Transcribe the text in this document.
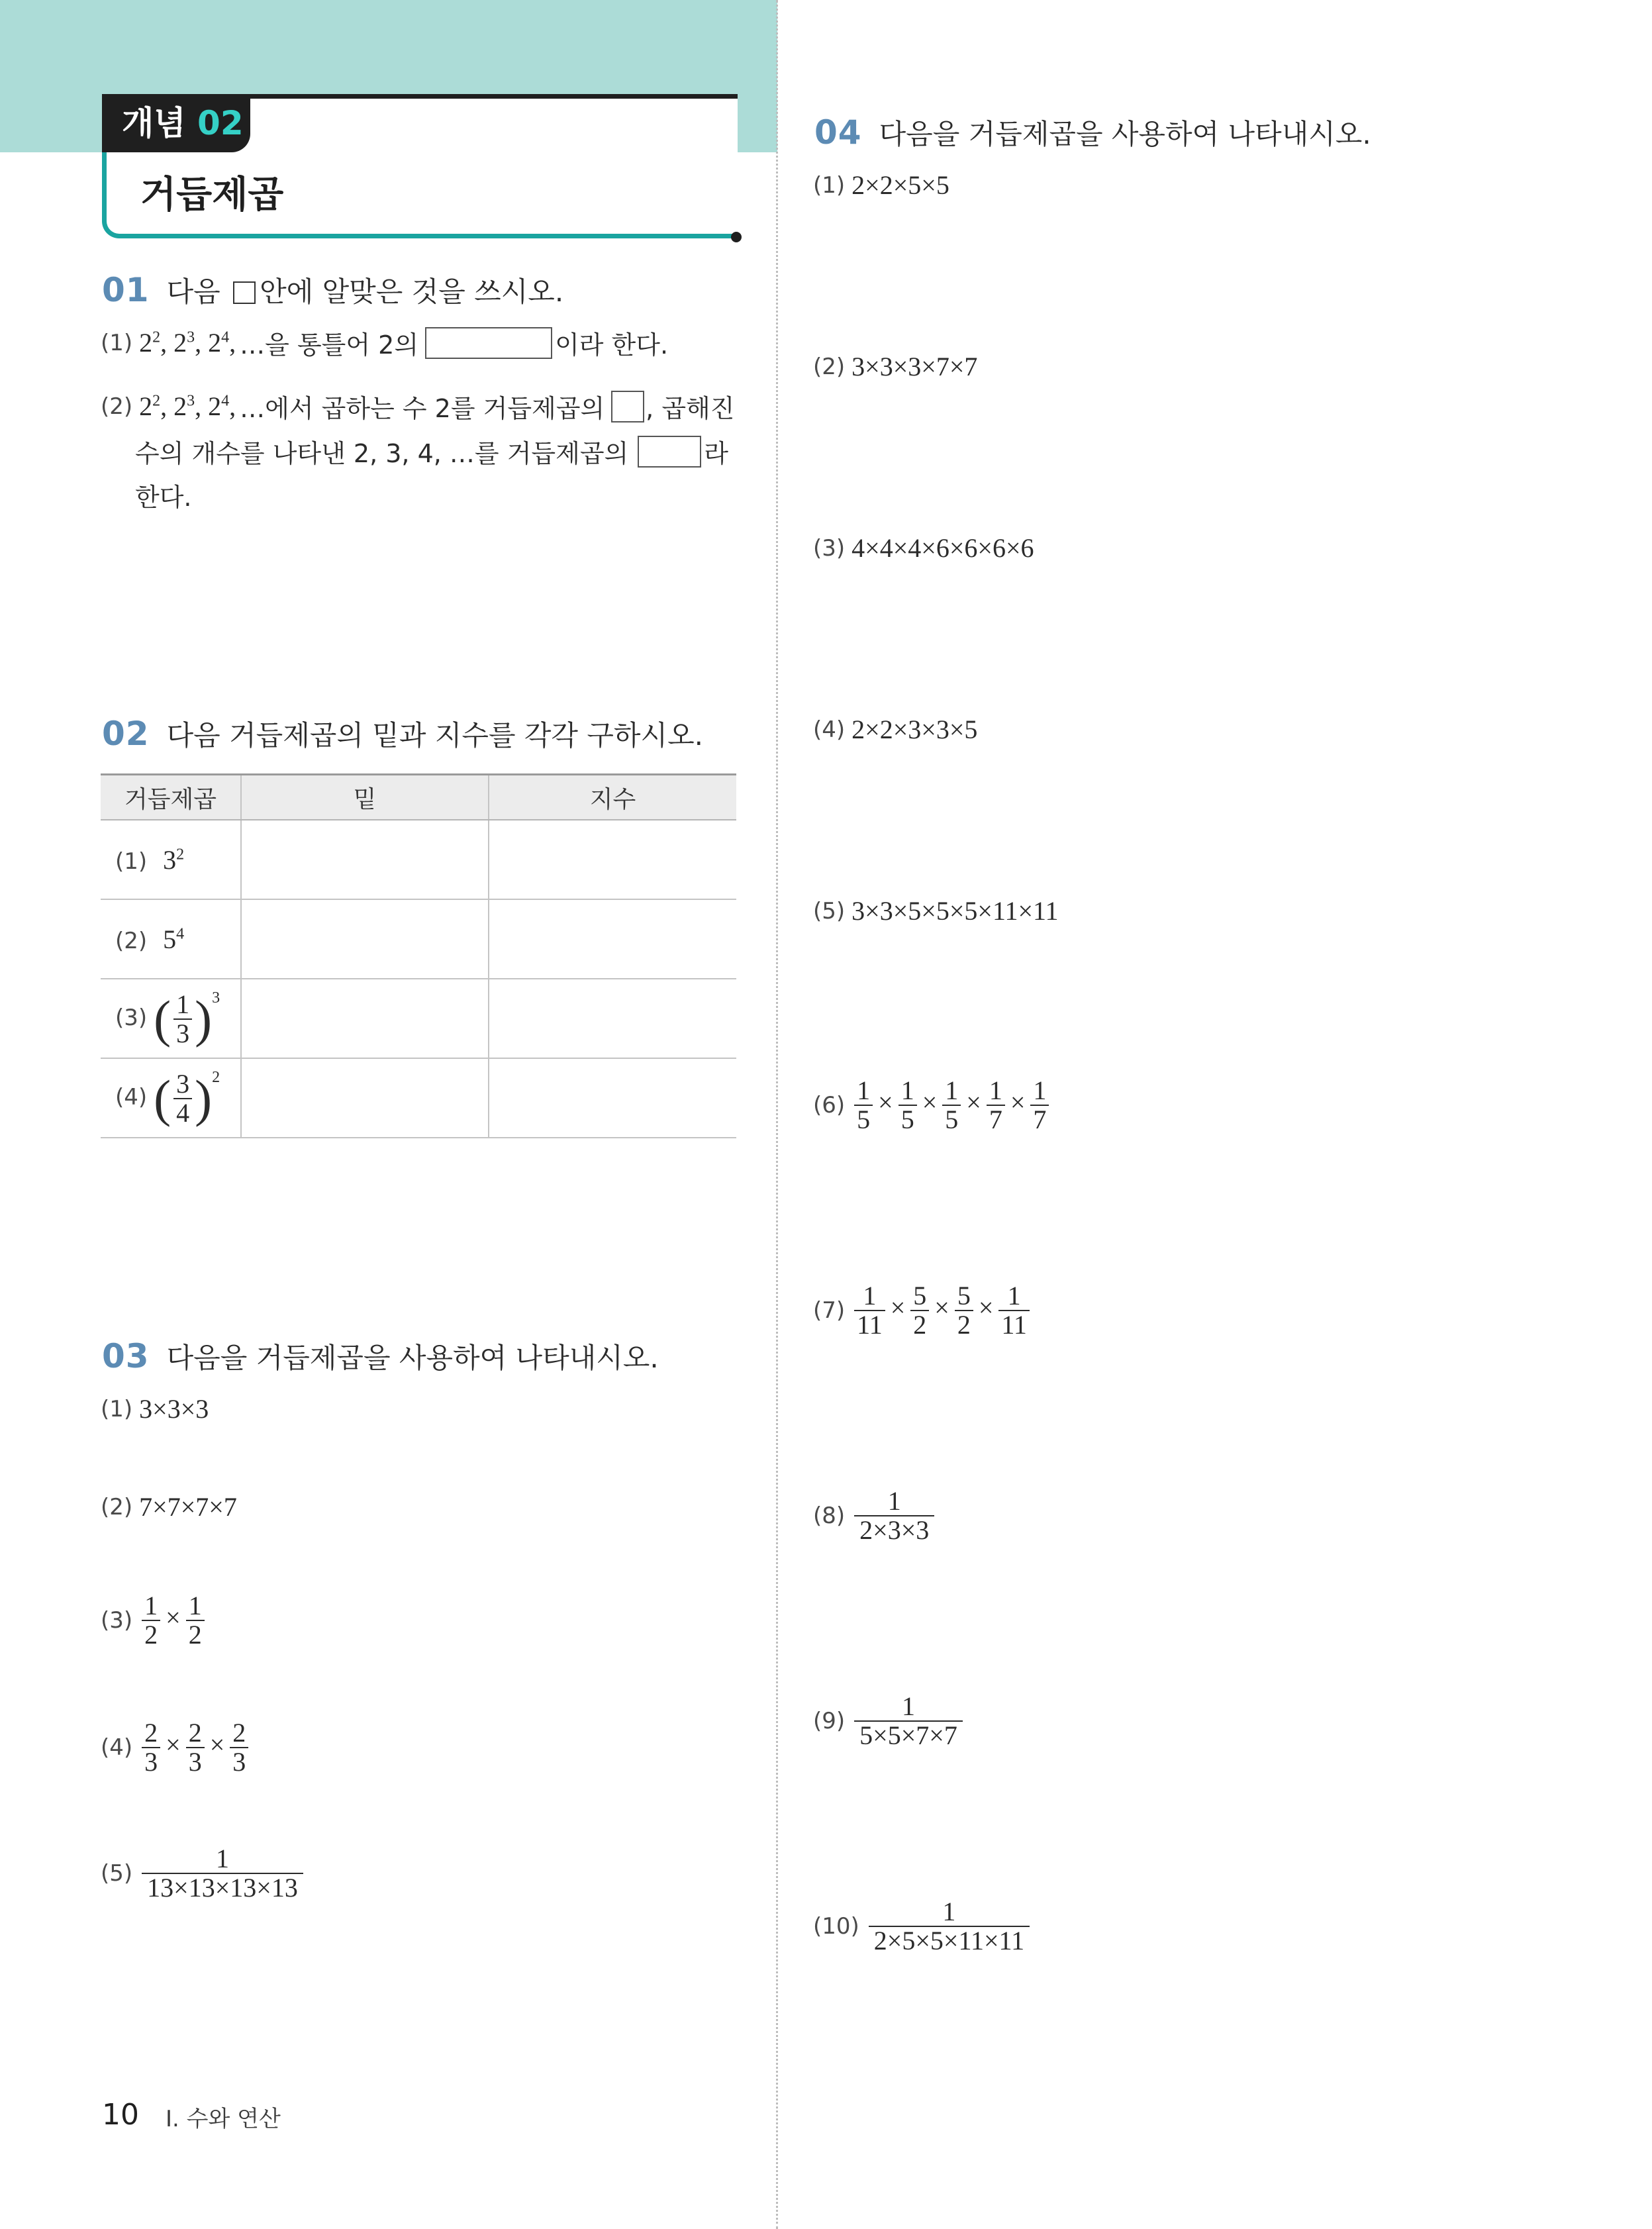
개념 02
거듭제곱
01 다음 안에 알맞은 것을 쓰시오.
(1) $2^2$, $2^3$, $2^4$, …을 통틀어 2의	이라 한다.
(2) $2^2$, $2^3$, $2^4$, …에서 곱하는 수 2를 거듭제곱의 , 곱해진
수의 개수를 나타낸 2, 3, 4, …를 거듭제곱의	라
한다.
02 다음 거듭제곱의 밑과 지수를 각각 구하시오.
거듭제곱	밑	지수
(1) $3^2$		
(2) $5^4$		
(3) ( $\frac{1}{3} )^3$		
(4) ( $\frac{3}{4} )^2$		
03 다음을 거듭제곱을 사용하여 나타내시오.
(1) 3×3×3
(2) 7×7×7×7
$(3) \frac{1}{2} \times \frac{1}{2}$
$(4) \frac{2}{3} \times \frac{2}{3} \times \frac{2}{3}$
$(5) \frac{1}{13\times 13\times 13\times 13}$
04 다음을 거듭제곱을 사용하여 나타내시오.
(1) 2×2×5×5
(2) 3×3×3×7×7
(3) 4×4×4×6×6×6×6
(4) 2×2×3×3×5
(5) 3×3×5×5×5×11×11
$(6) \frac{1}{5} \times \frac{1}{5} \times \frac{1}{5} \times \frac{1}{7} \times \frac{1}{7}$
$(7) \frac{1}{11} \times \frac{5}{2} \times \frac{5}{2} \times \frac{1}{11}$
$(8) \frac{1}{2\times 3\times 3}$
$(9) \frac{1}{5\times 5\times 7\times 7}$
$(10) \frac{1}{2\times 5\times 5\times 11\times 11}$
10 Ⅰ. 수와 연산
